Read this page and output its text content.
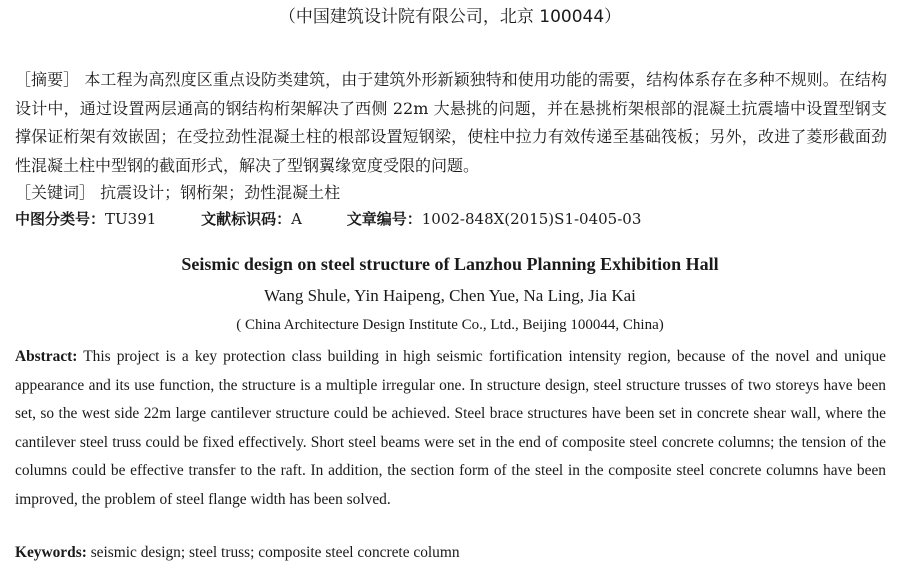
（中国建筑设计院有限公司，北京 100044）
［摘要］ 本工程为高烈度区重点设防类建筑，由于建筑外形新颖独特和使用功能的需要，结构体系存在多种不规则。在结构设计中，通过设置两层通高的钢结构桁架解决了西侧 22m 大悬挑的问题，并在悬挑桁架根部的混凝土抗震墙中设置型钢支撑保证桁架有效嵌固；在受拉劲性混凝土柱的根部设置短钢梁，使柱中拉力有效传递至基础筏板；另外，改进了菱形截面劲性混凝土柱中型钢的截面形式，解决了型钢翼缘宽度受限的问题。
［关键词］ 抗震设计；钢桁架；劲性混凝土柱
中图分类号：TU391	文献标识码：A	文章编号：1002-848X(2015)S1-0405-03
Seismic design on steel structure of Lanzhou Planning Exhibition Hall
Wang Shule, Yin Haipeng, Chen Yue, Na Ling, Jia Kai
( China Architecture Design Institute Co., Ltd., Beijing 100044, China)
Abstract: This project is a key protection class building in high seismic fortification intensity region, because of the novel and unique appearance and its use function, the structure is a multiple irregular one. In structure design, steel structure trusses of two storeys have been set, so the west side 22m large cantilever structure could be achieved. Steel brace structures have been set in concrete shear wall, where the cantilever steel truss could be fixed effectively. Short steel beams were set in the end of composite steel concrete columns; the tension of the columns could be effective transfer to the raft. In addition, the section form of the steel in the composite steel concrete columns have been improved, the problem of steel flange width has been solved.
Keywords: seismic design; steel truss; composite steel concrete column
